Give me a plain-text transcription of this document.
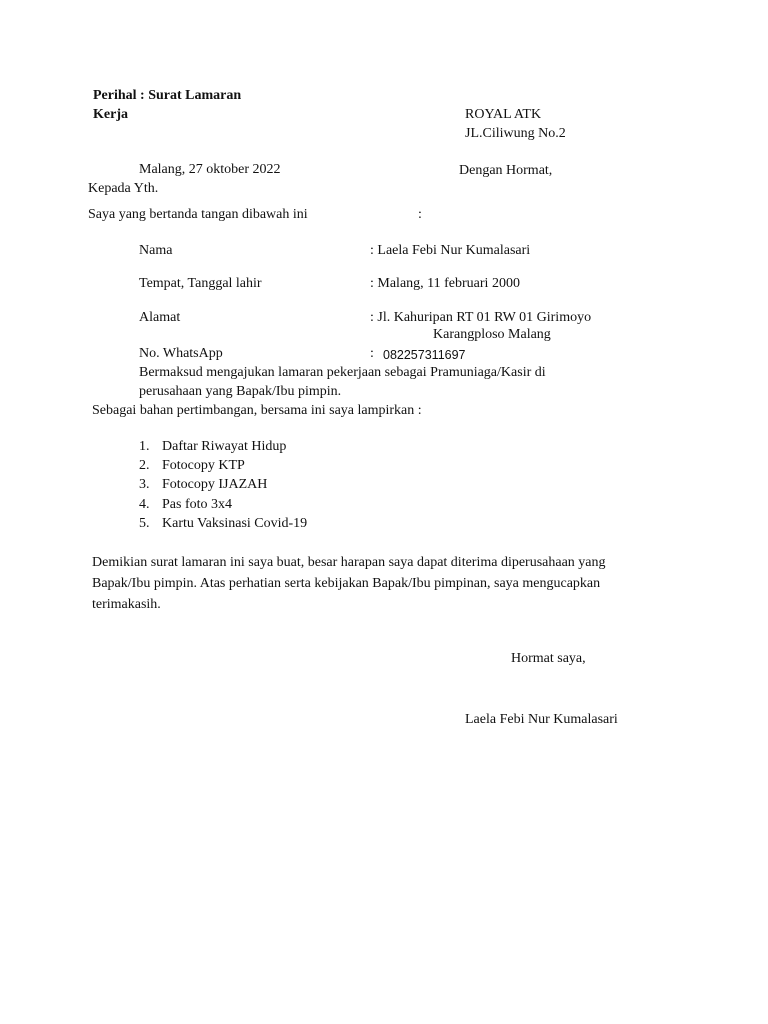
Perihal : Surat Lamaran

Kerja	ROYAL ATK

JL.Ciliwung No.2

Malang, 27 oktober 2022	Dengan Hormat,

Kepada Yth.

Saya yang bertanda tangan dibawah ini	:

Nama	: Laela Febi Nur Kumalasari

Tempat, Tanggal lahir	: Malang, 11 februari 2000

Alamat	: Jl. Kahuripan RT 01 RW 01 Girimoyo

Karangploso Malang

No. WhatsApp	: 082257311697

Bermaksud mengajukan lamaran pekerjaan sebagai Pramuniaga/Kasir di

perusahaan yang Bapak/Ibu pimpin.

Sebagai bahan pertimbangan, bersama ini saya lampirkan :

1. Daftar Riwayat Hidup
2. Fotocopy KTP
3. Fotocopy IJAZAH
4. Pas foto 3x4
5. Kartu Vaksinasi Covid-19
Demikian surat lamaran ini saya buat, besar harapan saya dapat diterima diperusahaan yang
Bapak/Ibu pimpin. Atas perhatian serta kebijakan Bapak/Ibu pimpinan, saya mengucapkan
terimakasih.

Hormat saya,

Laela Febi Nur Kumalasari
